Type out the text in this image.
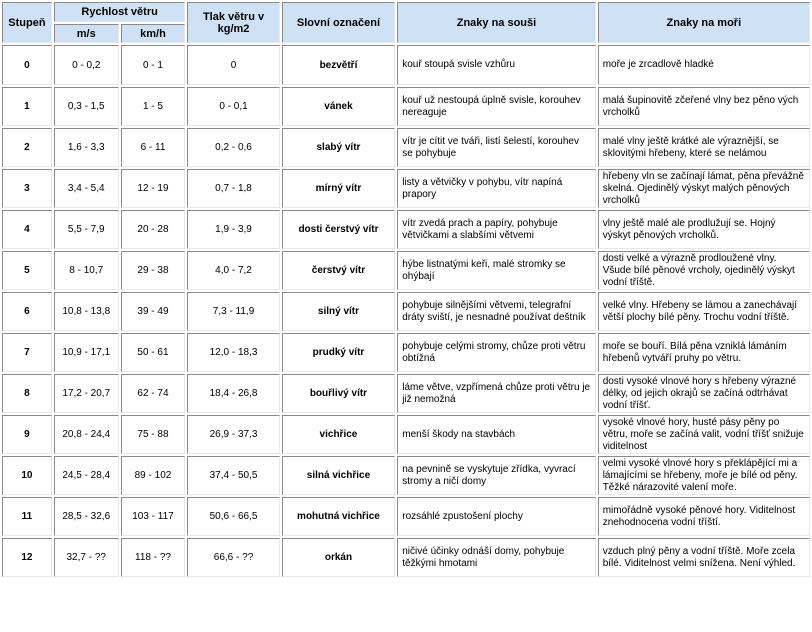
Stupeň	Rychlost větru		Tlak větru v kg/m2	Slovní označení	Znaky na souši	Znaky na moři
	m/s	km/h				
0	0 - 0,2	0 - 1	0	bezvětří	kouř stoupá svisle vzhůru	moře je zrcadlově hladké
1	0,3 - 1,5	1 - 5	0 - 0,1	vánek	kouř už nestoupá úplně svisle, korouhev nereaguje	malá šupinovitě zčeřené vlny bez pěno vých vrcholků
2	1,6 - 3,3	6 - 11	0,2 - 0,6	slabý vítr	vítr je cítit ve tváři, listí šelestí, korouhev se pohybuje	malé vlny ještě krátké ale výraznější, se sklovitými hřebeny, které se nelámou
3	3,4 - 5,4	12 - 19	0,7 - 1,8	mírný vítr	listy a větvičky v pohybu, vítr napíná prapory	hřebeny vln se začínají lámat, pěna převážně skelná. Ojedinělý výskyt malých pěnových vrcholků
4	5,5 - 7,9	20 - 28	1,9 - 3,9	dosti čerstvý vítr	vítr zvedá prach a papíry, pohybuje větvičkami a slabšími větvemi	vlny ještě malé ale prodlužují se. Hojný výskyt pěnových vrcholků.
5	8 - 10,7	29 - 38	4,0 - 7,2	čerstvý vítr	hýbe listnatými keři, malé stromky se ohýbají	dosti velké a výrazně prodloužené vlny. Všude bílé pěnové vrcholy, ojedinělý výskyt vodní tříště.
6	10,8 - 13,8	39 - 49	7,3 - 11,9	silný vítr	pohybuje silnějšími větvemi, telegrafní dráty sviští, je nesnadné používat deštník	velké vlny. Hřebeny se lámou a zanechávají větší plochy bílé pěny. Trochu vodní tříště.
7	10,9 - 17,1	50 - 61	12,0 - 18,3	prudký vítr	pohybuje celými stromy, chůze proti větru obtížná	moře se bouří. Bílá pěna vzniklá lámáním hřebenů vytváří pruhy po větru.
8	17,2 - 20,7	62 - 74	18,4 - 26,8	bouřlivý vítr	láme větve, vzpřímená chůze proti větru je již nemožná	dosti vysoké vlnové hory s hřebeny výrazné délky, od jejich okrajů se začíná odtrhávat vodní tříšť.
9	20,8 - 24,4	75 - 88	26,9 - 37,3	vichřice	menší škody na stavbách	vysoké vlnové hory, husté pásy pěny po větru, moře se začíná valit, vodní tříšť snižuje viditelnost
10	24,5 - 28,4	89 - 102	37,4 - 50,5	silná vichřice	na pevnině se vyskytuje zřídka, vyvrací stromy a ničí domy	velmi vysoké vlnové hory s překlápějící mi a lámajícími se hřebeny, moře je bílé od pěny. Těžké nárazovité valení moře.
11	28,5 - 32,6	103 - 117	50,6 - 66,5	mohutná vichřice	rozsáhlé zpustošení plochy	mimořádně vysoké pěnové hory. Viditelnost znehodnocena vodní tříští.
12	32,7 - ??	118 - ??	66,6 - ??	orkán	ničivé účinky odnáší domy, pohybuje těžkými hmotami	vzduch plný pěny a vodní tříště. Moře zcela bílé. Viditelnost velmi snížena. Není výhled.
